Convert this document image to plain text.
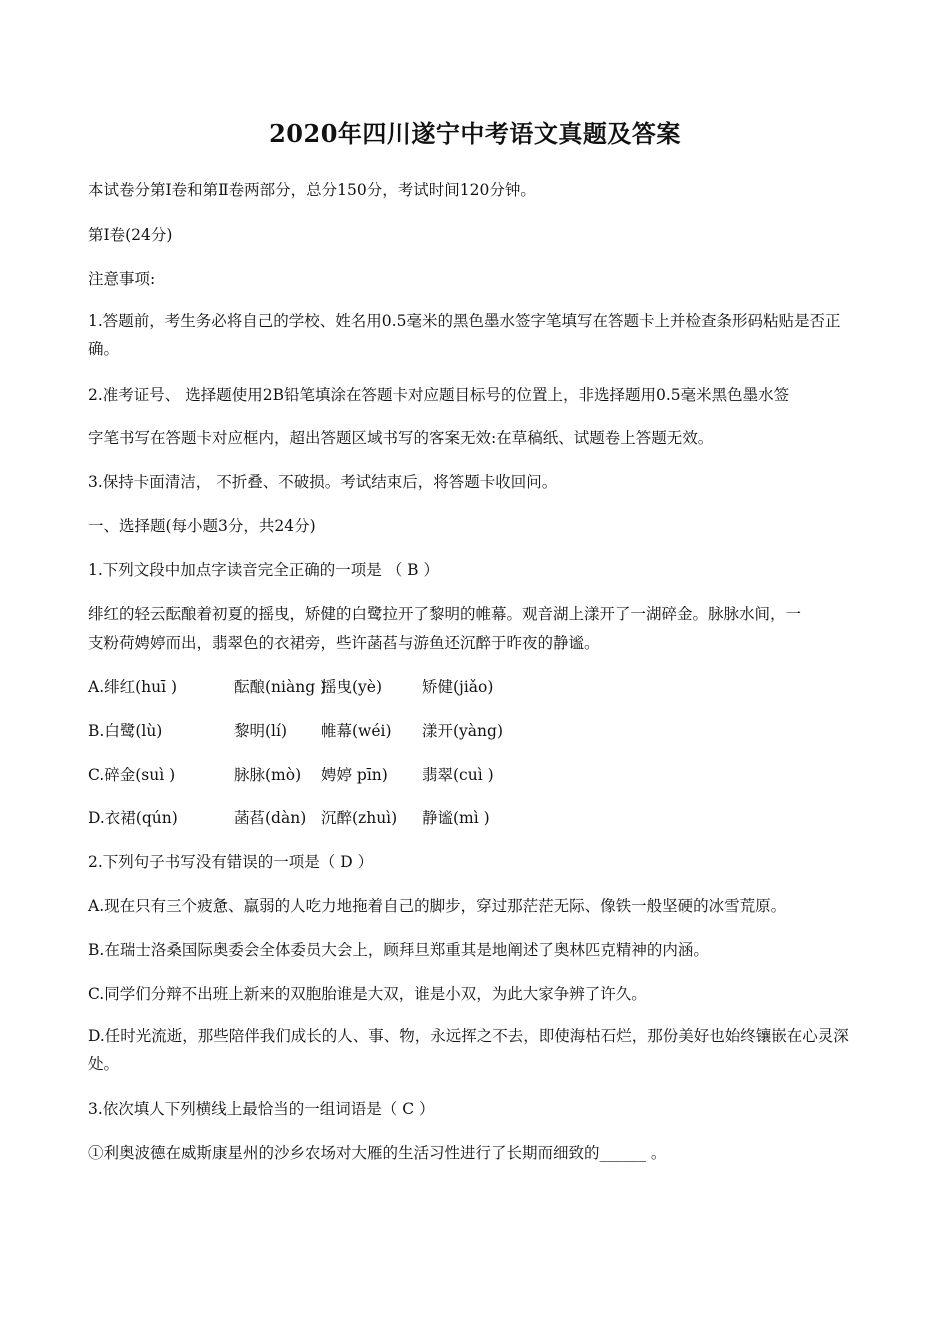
2020年四川遂宁中考语文真题及答案
本试卷分第Ⅰ卷和第Ⅱ卷两部分，总分150分，考试时间120分钟。
第Ⅰ卷(24分)
注意事项:
1.答题前，考生务必将自己的学校、姓名用0.5毫米的黑色墨水签字笔填写在答题卡上并检查条形码粘贴是否正确。
2.准考证号、 选择题使用2B铅笔填涂在答题卡对应题目标号的位置上，非选择题用0.5毫米黑色墨水签
字笔书写在答题卡对应框内，超出答题区域书写的客案无效:在草稿纸、试题卷上答题无效。
3.保持卡面清洁， 不折叠、不破损。考试结束后，将答题卡收回问。
一、选择题(每小题3分，共24分)
1.下列文段中加点字读音完全正确的一项是 （ B ）
绯红的轻云酝酿着初夏的摇曳，矫健的白鹭拉开了黎明的帷幕。观音湖上漾开了一湖碎金。脉脉水间，一
支粉荷娉婷而出，翡翠色的衣裙旁，些许菡萏与游鱼还沉醉于昨夜的静谧。
A.绯红(huī )	酝酿(niàng )摇曳(yè)	矫健(jiǎo)
B.白鹭(lù)	黎明(lí) 帷幕(wéi) 漾开(yàng)
C.碎金(suì )	脉脉(mò) 娉婷 pīn) 翡翠(cuì )
D.衣裙(qún)	菡萏(dàn) 沉醉(zhuì) 静谧(mì )
2.下列句子书写没有错误的一项是（ D ）
A.现在只有三个疲惫、羸弱的人吃力地拖着自己的脚步，穿过那茫茫无际、像铁一般坚硬的冰雪荒原。
B.在瑞士洛桑国际奥委会全体委员大会上，顾拜旦郑重其是地阐述了奥林匹克精神的内涵。
C.同学们分辩不出班上新来的双胞胎谁是大双，谁是小双，为此大家争辨了许久。
D.任时光流逝，那些陪伴我们成长的人、事、物，永远挥之不去，即使海枯石烂，那份美好也始终镶嵌在心灵深处。
3.依次填人下列横线上最恰当的一组词语是（ C ）
①利奥波德在威斯康星州的沙乡农场对大雁的生活习性进行了长期而细致的______ 。
